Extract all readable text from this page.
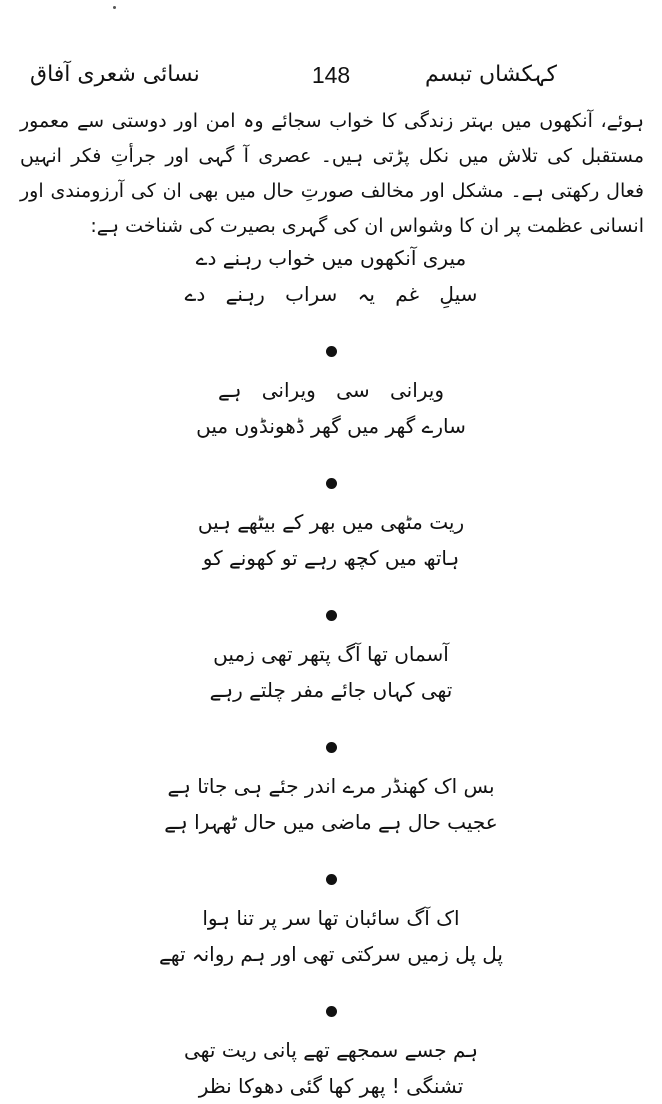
کہکشاں تبسم
148
نسائی شعری آفاق
ہوئے، آنکھوں میں بہتر زندگی کا خواب سجائے وہ امن اور دوستی سے معمور مستقبل کی تلاش میں نکل پڑتی ہیں۔ عصری آ گہی اور جرأتِ فکر انہیں فعال رکھتی ہے۔ مشکل اور مخالف صورتِ حال میں بھی ان کی آرزومندی اور انسانی عظمت پر ان کا وشواس ان کی گہری بصیرت کی شناخت ہے:
میری آنکھوں میں خواب رہنے دے
سیلِ غم یہ سراب رہنے دے
ویرانی سی ویرانی ہے
سارے گھر میں گھر ڈھونڈوں میں
ریت مٹھی میں بھر کے بیٹھے ہیں
ہاتھ میں کچھ رہے تو کھونے کو
آسماں تھا آگ پتھر تھی زمیں
تھی کہاں جائے مفر چلتے رہے
بس اک کھنڈر مرے اندر جئے ہی جاتا ہے
عجیب حال ہے ماضی میں حال ٹھہرا ہے
اک آگ سائبان تھا سر پر تنا ہوا
پل پل زمیں سرکتی تھی اور ہم روانہ تھے
ہم جسے سمجھے تھے پانی ریت تھی
تشنگی ! پھر کھا گئی دھوکا نظر
